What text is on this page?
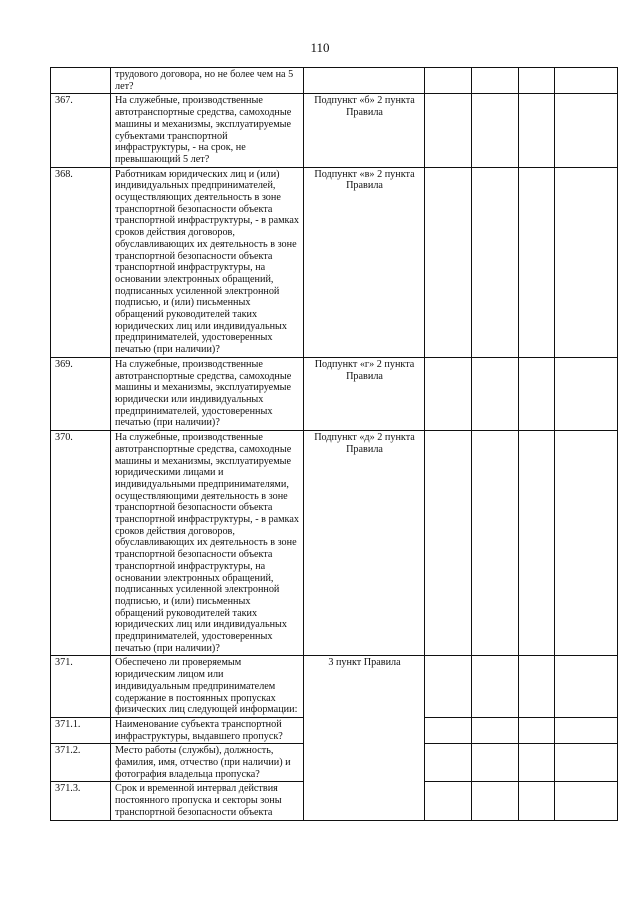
110
	трудового договора, но не более чем на 5 лет?					
367.	На служебные, производственные автотранспортные средства, самоходные машины и механизмы, эксплуатируемые субъектами транспортной инфраструктуры, - на срок, не превышающий 5 лет?	Подпункт «б» 2 пункта Правила				
368.	Работникам юридических лиц и (или) индивидуальных предпринимателей, осуществляющих деятельность в зоне транспортной безопасности объекта транспортной инфраструктуры, - в рамках сроков действия договоров, обуславливающих их деятельность в зоне транспортной безопасности объекта транспортной инфраструктуры, на основании электронных обращений, подписанных усиленной электронной подписью, и (или) письменных обращений руководителей таких юридических лиц или индивидуальных предпринимателей, удостоверенных печатью (при наличии)?	Подпункт «в» 2 пункта Правила				
369.	На служебные, производственные автотранспортные средства, самоходные машины и механизмы, эксплуатируемые юридически или индивидуальных предпринимателей, удостоверенных печатью (при наличии)?	Подпункт «г» 2 пункта Правила				
370.	На служебные, производственные автотранспортные средства, самоходные машины и механизмы, эксплуатируемые юридическими лицами и индивидуальными предпринимателями, осуществляющими деятельность в зоне транспортной безопасности объекта транспортной инфраструктуры, - в рамках сроков действия договоров, обуславливающих их деятельность в зоне транспортной безопасности объекта транспортной инфраструктуры, на основании электронных обращений, подписанных усиленной электронной подписью, и (или) письменных обращений руководителей таких юридических лиц или индивидуальных предпринимателей, удостоверенных печатью (при наличии)?	Подпункт «д» 2 пункта Правила				
371.	Обеспечено ли проверяемым юридическим лицом или индивидуальным предпринимателем содержание в постоянных пропусках физических лиц следующей информации:	3 пункт Правила				
371.1.	Наименование субъекта транспортной инфраструктуры, выдавшего пропуск?					
371.2.	Место работы (службы), должность, фамилия, имя, отчество (при наличии) и фотография владельца пропуска?					
371.3.	Срок и временной интервал действия постоянного пропуска и секторы зоны транспортной безопасности объекта					
